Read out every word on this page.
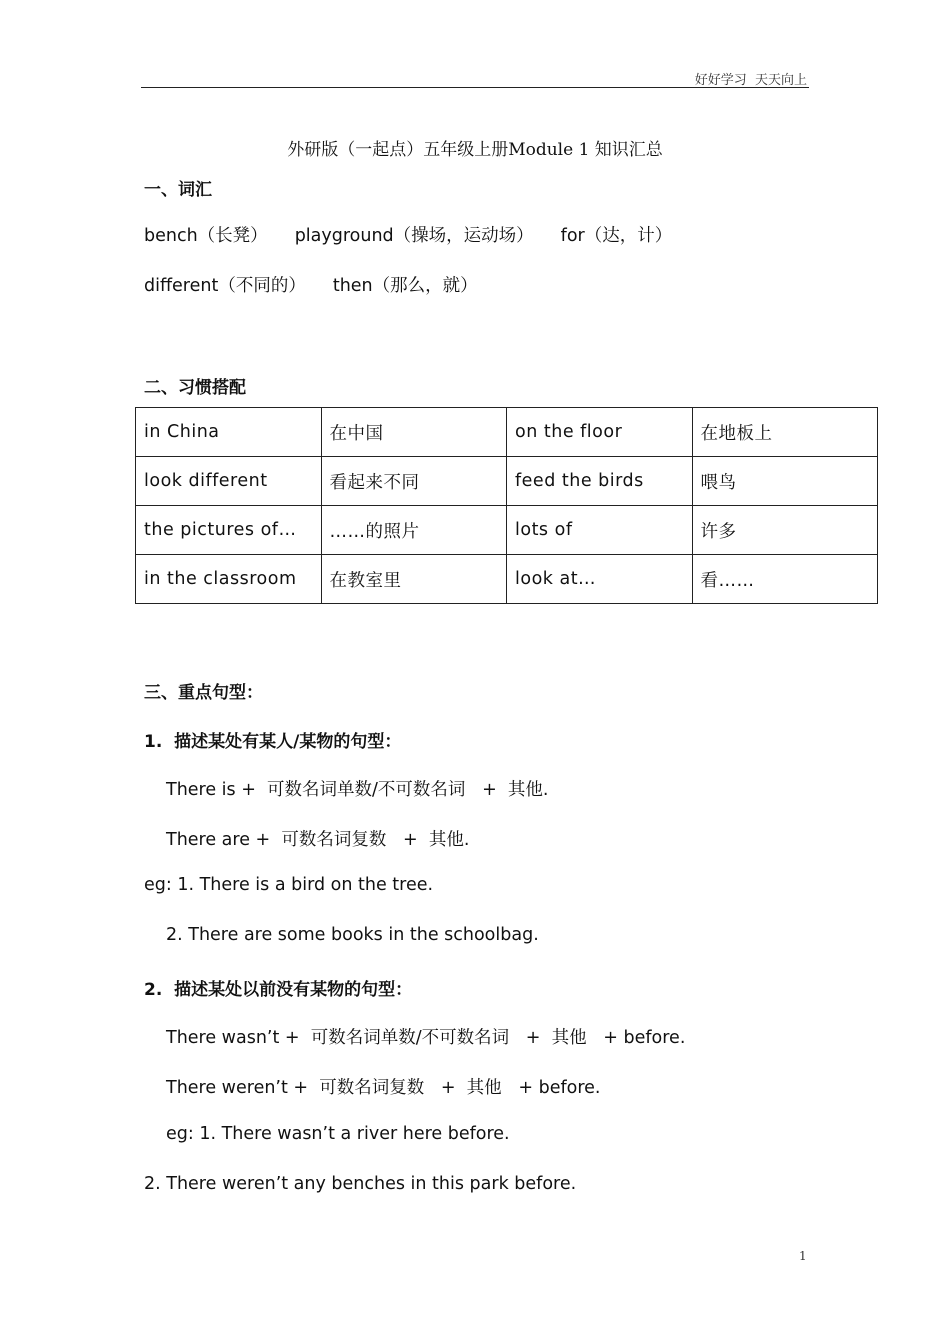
好好学习  天天向上
外研版（一起点）五年级上册Module 1 知识汇总
一、词汇
bench（长凳） playground（操场，运动场） for（达，计）
different（不同的） then（那么，就）
二、习惯搭配
in China	在中国	on the floor	在地板上
look different	看起来不同	feed the birds	喂鸟
the pictures of…	……的照片	lots of	许多
in the classroom	在教室里	look at…	看……
三、重点句型：
1.  描述某处有某人/某物的句型：
There is +  可数名词单数/不可数名词   +  其他.
There are +  可数名词复数   +  其他.
eg: 1. There is a bird on the tree.
2. There are some books in the schoolbag.
2.  描述某处以前没有某物的句型：
There wasn’t +  可数名词单数/不可数名词   +  其他   + before.
There weren’t +  可数名词复数   +  其他   + before.
eg: 1. There wasn’t a river here before.
2. There weren’t any benches in this park before.
1
